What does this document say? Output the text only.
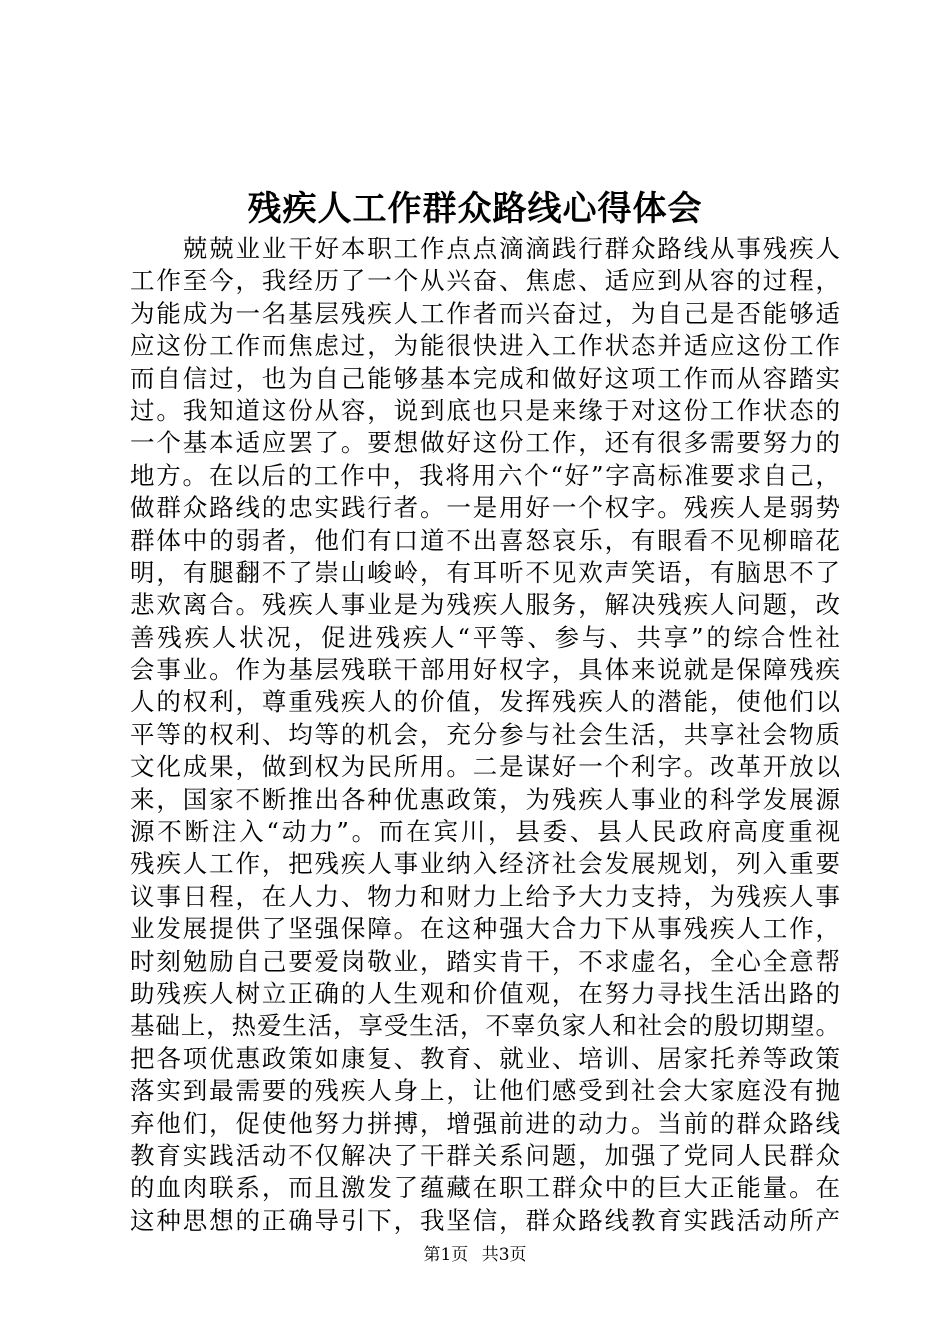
残疾人工作群众路线心得体会
　　兢兢业业干好本职工作点点滴滴践行群众路线从事残疾人
工作至今，我经历了一个从兴奋、焦虑、适应到从容的过程，
为能成为一名基层残疾人工作者而兴奋过，为自己是否能够适
应这份工作而焦虑过，为能很快进入工作状态并适应这份工作
而自信过，也为自己能够基本完成和做好这项工作而从容踏实
过。我知道这份从容，说到底也只是来缘于对这份工作状态的
一个基本适应罢了。要想做好这份工作，还有很多需要努力的
地方。在以后的工作中，我将用六个“好”字高标准要求自己，
做群众路线的忠实践行者。一是用好一个权字。残疾人是弱势
群体中的弱者，他们有口道不出喜怒哀乐，有眼看不见柳暗花
明，有腿翻不了崇山峻岭，有耳听不见欢声笑语，有脑思不了
悲欢离合。残疾人事业是为残疾人服务，解决残疾人问题，改
善残疾人状况，促进残疾人“平等、参与、共享”的综合性社
会事业。作为基层残联干部用好权字，具体来说就是保障残疾
人的权利，尊重残疾人的价值，发挥残疾人的潜能，使他们以
平等的权利、均等的机会，充分参与社会生活，共享社会物质
文化成果，做到权为民所用。二是谋好一个利字。改革开放以
来，国家不断推出各种优惠政策，为残疾人事业的科学发展源
源不断注入“动力”。而在宾川，县委、县人民政府高度重视
残疾人工作，把残疾人事业纳入经济社会发展规划，列入重要
议事日程，在人力、物力和财力上给予大力支持，为残疾人事
业发展提供了坚强保障。在这种强大合力下从事残疾人工作，
时刻勉励自己要爱岗敬业，踏实肯干，不求虚名，全心全意帮
助残疾人树立正确的人生观和价值观，在努力寻找生活出路的
基础上，热爱生活，享受生活，不辜负家人和社会的殷切期望。
把各项优惠政策如康复、教育、就业、培训、居家托养等政策
落实到最需要的残疾人身上，让他们感受到社会大家庭没有抛
弃他们，促使他努力拼搏，增强前进的动力。当前的群众路线
教育实践活动不仅解决了干群关系问题，加强了党同人民群众
的血肉联系，而且激发了蕴藏在职工群众中的巨大正能量。在
这种思想的正确导引下，我坚信，群众路线教育实践活动所产
第1页 共3页
